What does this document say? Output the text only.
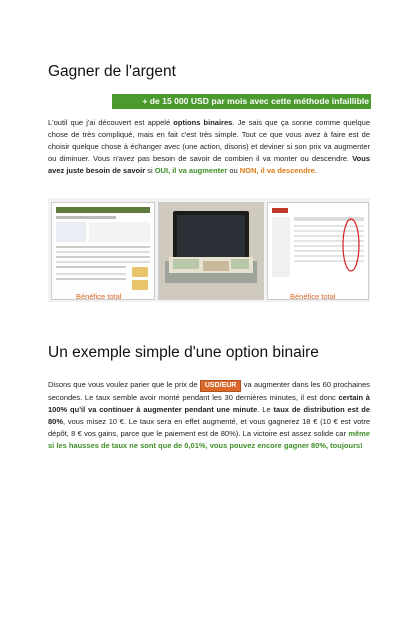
Gagner de l'argent
+ de 15 000 USD par mois avec cette méthode infaillible

L'outil que j'ai découvert est appelé options binaires. Je sais que ça sonne comme quelque chose de très compliqué, mais en fait c'est très simple. Tout ce que vous avez à faire est de choisir quelque chose à échanger avec (une action, disons) et deviner si son prix va augmenter ou diminuer. Vous n'avez pas besoin de savoir de combien il va monter ou descendre. Vous avez juste besoin de savoir si OUI, il va augmenter ou NON, il va descendre.

Bénéfice total	Bénéfice total
Un exemple simple d'une option binaire

Disons que vous voulez parier que le prix de USD/EUR va augmenter dans les 60 prochaines secondes. Le taux semble avoir monté pendant les 30 dernières minutes, il est donc certain à 100% qu'il va continuer à augmenter pendant une minute. Le taux de distribution est de 80%, vous misez 10 €. Le taux sera en effet augmenté, et vous gagnerez 18 € (10 € est votre dépôt, 8 € vos gains, parce que le paiement est de 80%). La victoire est assez solide car même si les hausses de taux ne sont que de 0,01%, vous pouvez encore gagner 80%, toujours!
